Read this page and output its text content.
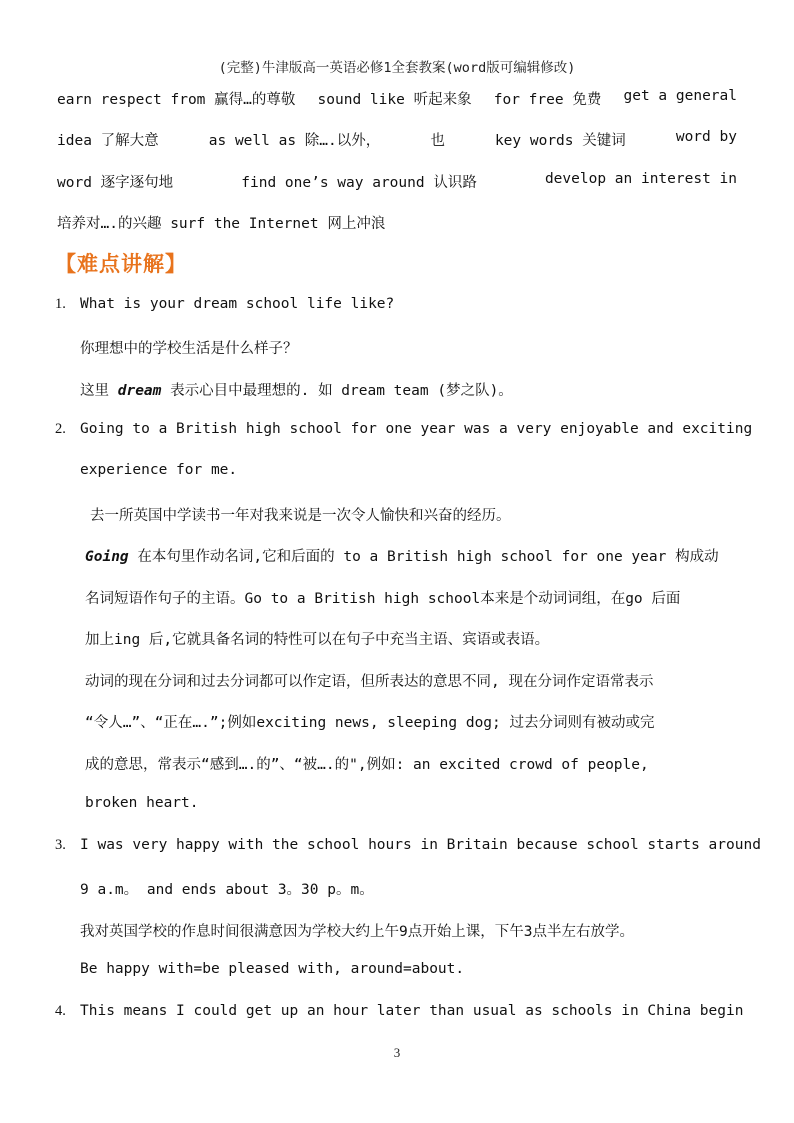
(完整)牛津版高一英语必修1全套教案(word版可编辑修改)
earn respect from 赢得…的尊敬 sound like 听起来象 for free 免费 get a general
idea 了解大意	as well as 除….以外，	也	key words 关键词	word by
word 逐字逐句地	find one’s way around 认识路	develop an interest in
培养对….的兴趣 surf the Internet 网上冲浪
【难点讲解】
1. What is your dream school life like?
你理想中的学校生活是什么样子？
这里 dream 表示心目中最理想的. 如 dream team (梦之队)。
2. Going to a British high school for one year was a very enjoyable and exciting
experience for me.
去一所英国中学读书一年对我来说是一次令人愉快和兴奋的经历。
Going 在本句里作动名词,它和后面的 to a British high school for one year 构成动
名词短语作句子的主语。Go to a British high school本来是个动词词组，在go 后面
加上ing 后,它就具备名词的特性可以在句子中充当主语、宾语或表语。
动词的现在分词和过去分词都可以作定语，但所表达的意思不同, 现在分词作定语常表示
“令人…”、“正在….”;例如exciting news, sleeping dog; 过去分词则有被动或完
成的意思，常表示“感到….的”、“被….的",例如: an excited crowd of people,
broken heart.
3. I was very happy with the school hours in Britain because school starts around
9 a.m。 and ends about 3。30 p。m。
我对英国学校的作息时间很满意因为学校大约上午9点开始上课，下午3点半左右放学。
Be happy with=be pleased with, around=about.
4. This means I could get up an hour later than usual as schools in China begin
3
